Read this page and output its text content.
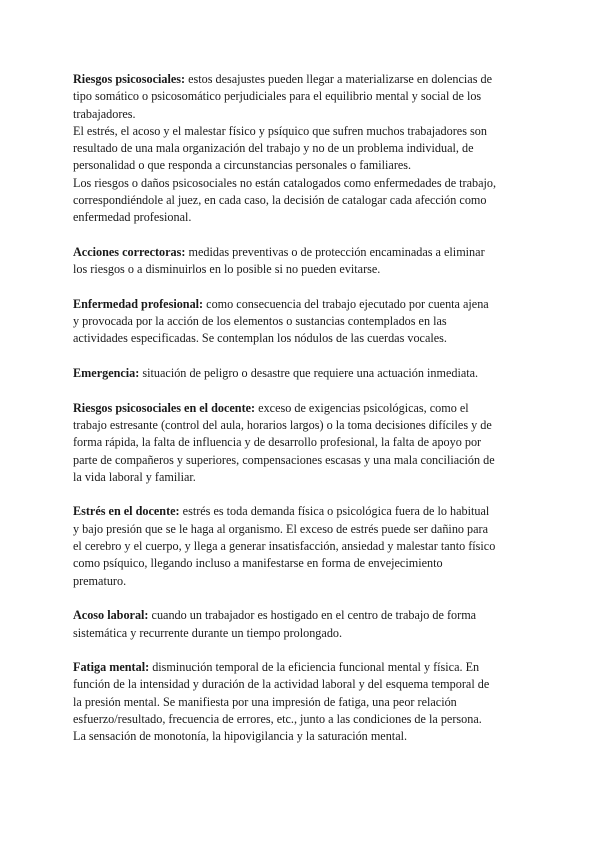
Riesgos psicosociales: estos desajustes pueden llegar a materializarse en dolencias de
tipo somático o psicosomático perjudiciales para el equilibrio mental y social de los
trabajadores.
El estrés, el acoso y el malestar físico y psíquico que sufren muchos trabajadores son
resultado de una mala organización del trabajo y no de un problema individual, de
personalidad o que responda a circunstancias personales o familiares.
Los riesgos o daños psicosociales no están catalogados como enfermedades de trabajo,
correspondiéndole al juez, en cada caso, la decisión de catalogar cada afección como
enfermedad profesional.

Acciones correctoras: medidas preventivas o de protección encaminadas a eliminar
los riesgos o a disminuirlos en lo posible si no pueden evitarse.

Enfermedad profesional: como consecuencia del trabajo ejecutado por cuenta ajena
y provocada por la acción de los elementos o sustancias contemplados en las
actividades especificadas. Se contemplan los nódulos de las cuerdas vocales.

Emergencia: situación de peligro o desastre que requiere una actuación inmediata.

Riesgos psicosociales en el docente: exceso de exigencias psicológicas, como el
trabajo estresante (control del aula, horarios largos) o la toma decisiones difíciles y de
forma rápida, la falta de influencia y de desarrollo profesional, la falta de apoyo por
parte de compañeros y superiores, compensaciones escasas y una mala conciliación de
la vida laboral y familiar.

Estrés en el docente: estrés es toda demanda física o psicológica fuera de lo habitual
y bajo presión que se le haga al organismo. El exceso de estrés puede ser dañino para
el cerebro y el cuerpo, y llega a generar insatisfacción, ansiedad y malestar tanto físico
como psíquico, llegando incluso a manifestarse en forma de envejecimiento
prematuro.

Acoso laboral: cuando un trabajador es hostigado en el centro de trabajo de forma
sistemática y recurrente durante un tiempo prolongado.

Fatiga mental: disminución temporal de la eficiencia funcional mental y física. En
función de la intensidad y duración de la actividad laboral y del esquema temporal de
la presión mental. Se manifiesta por una impresión de fatiga, una peor relación
esfuerzo/resultado, frecuencia de errores, etc., junto a las condiciones de la persona.
La sensación de monotonía, la hipovigilancia y la saturación mental.
